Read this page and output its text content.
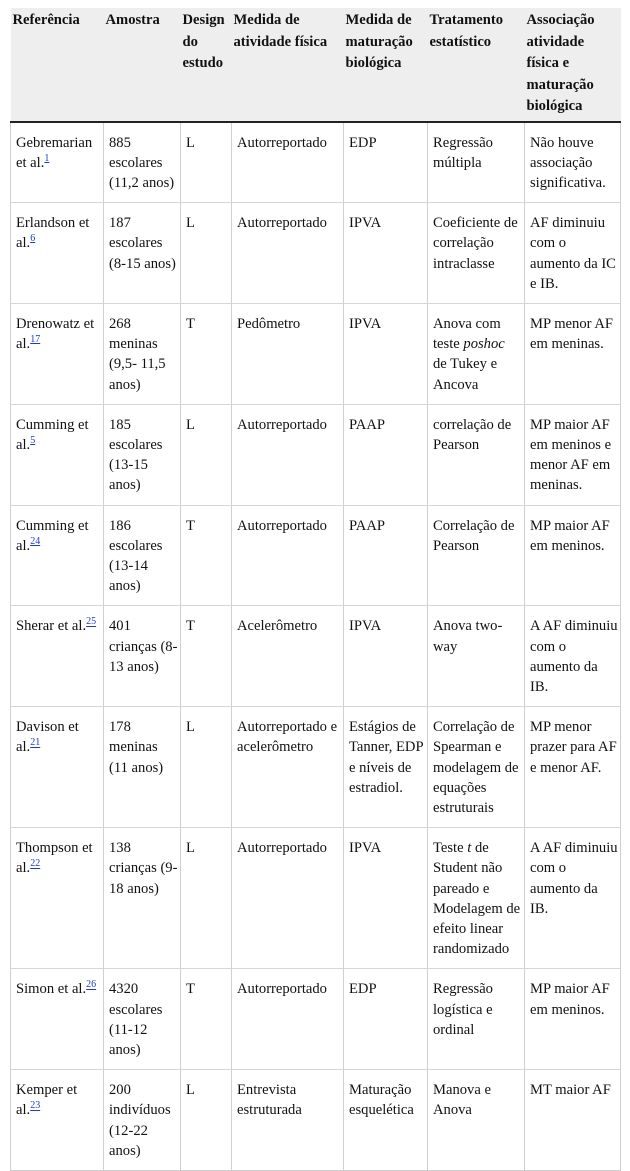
Referência	Amostra	Design do estudo	Medida de atividade física	Medida de maturação biológica	Tratamento estatístico	Associação atividade física e maturação biológica
Gebremarian et al.$^1$	885 escolares (11,2 anos)	L	Autorreportado	EDP	Regressão múltipla	Não houve associação significativa.
Erlandson et al.$^6$	187 escolares (8-15 anos)	L	Autorreportado	IPVA	Coeficiente de correlação intraclasse	AF diminuiu com o aumento da IC e IB.
Drenowatz et al.$^{17}$	268 meninas (9,5- 11,5 anos)	T	Pedômetro	IPVA	Anova com teste poshoc de Tukey e Ancova	MP menor AF em meninas.
Cumming et al.$^5$	185 escolares (13-15 anos)	L	Autorreportado	PAAP	correlação de Pearson	MP maior AF em meninos e menor AF em meninas.
Cumming et al.$^{24}$	186 escolares (13-14 anos)	T	Autorreportado	PAAP	Correlação de Pearson	MP maior AF em meninos.
Sherar et al.$^{25}$	401 crianças (8-13 anos)	T	Acelerômetro	IPVA	Anova two-way	A AF diminuiu com o aumento da IB.
Davison et al.$^{21}$	178 meninas (11 anos)	L	Autorreportado e acelerômetro	Estágios de Tanner, EDP e níveis de estradiol.	Correlação de Spearman e modelagem de equações estruturais	MP menor prazer para AF e menor AF.
Thompson et al.$^{22}$	138 crianças (9-18 anos)	L	Autorreportado	IPVA	Teste t de Student não pareado e Modelagem de efeito linear randomizado	A AF diminuiu com o aumento da IB.
Simon et al.$^{26}$	4320 escolares (11-12 anos)	T	Autorreportado	EDP	Regressão logística e ordinal	MP maior AF em meninos.
Kemper et al.$^{23}$	200 indivíduos (12-22 anos)	L	Entrevista estruturada	Maturação esquelética	Manova e Anova	MT maior AF
